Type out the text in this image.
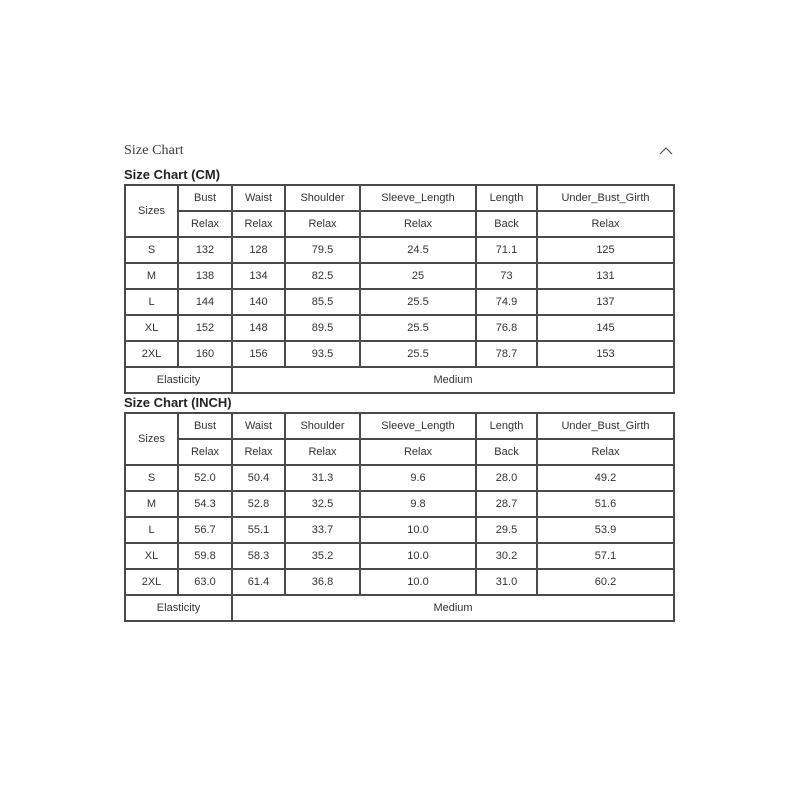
Size Chart
Size Chart (CM)
Sizes	Bust	Waist	Shoulder	Sleeve_Length	Length	Under_Bust_Girth
	Relax	Relax	Relax	Relax	Back	Relax
S	132	128	79.5	24.5	71.1	125
M	138	134	82.5	25	73	131
L	144	140	85.5	25.5	74.9	137
XL	152	148	89.5	25.5	76.8	145
2XL	160	156	93.5	25.5	78.7	153
Elasticity		Medium				
Size Chart (INCH)
Sizes	Bust	Waist	Shoulder	Sleeve_Length	Length	Under_Bust_Girth
	Relax	Relax	Relax	Relax	Back	Relax
S	52.0	50.4	31.3	9.6	28.0	49.2
M	54.3	52.8	32.5	9.8	28.7	51.6
L	56.7	55.1	33.7	10.0	29.5	53.9
XL	59.8	58.3	35.2	10.0	30.2	57.1
2XL	63.0	61.4	36.8	10.0	31.0	60.2
Elasticity		Medium				
